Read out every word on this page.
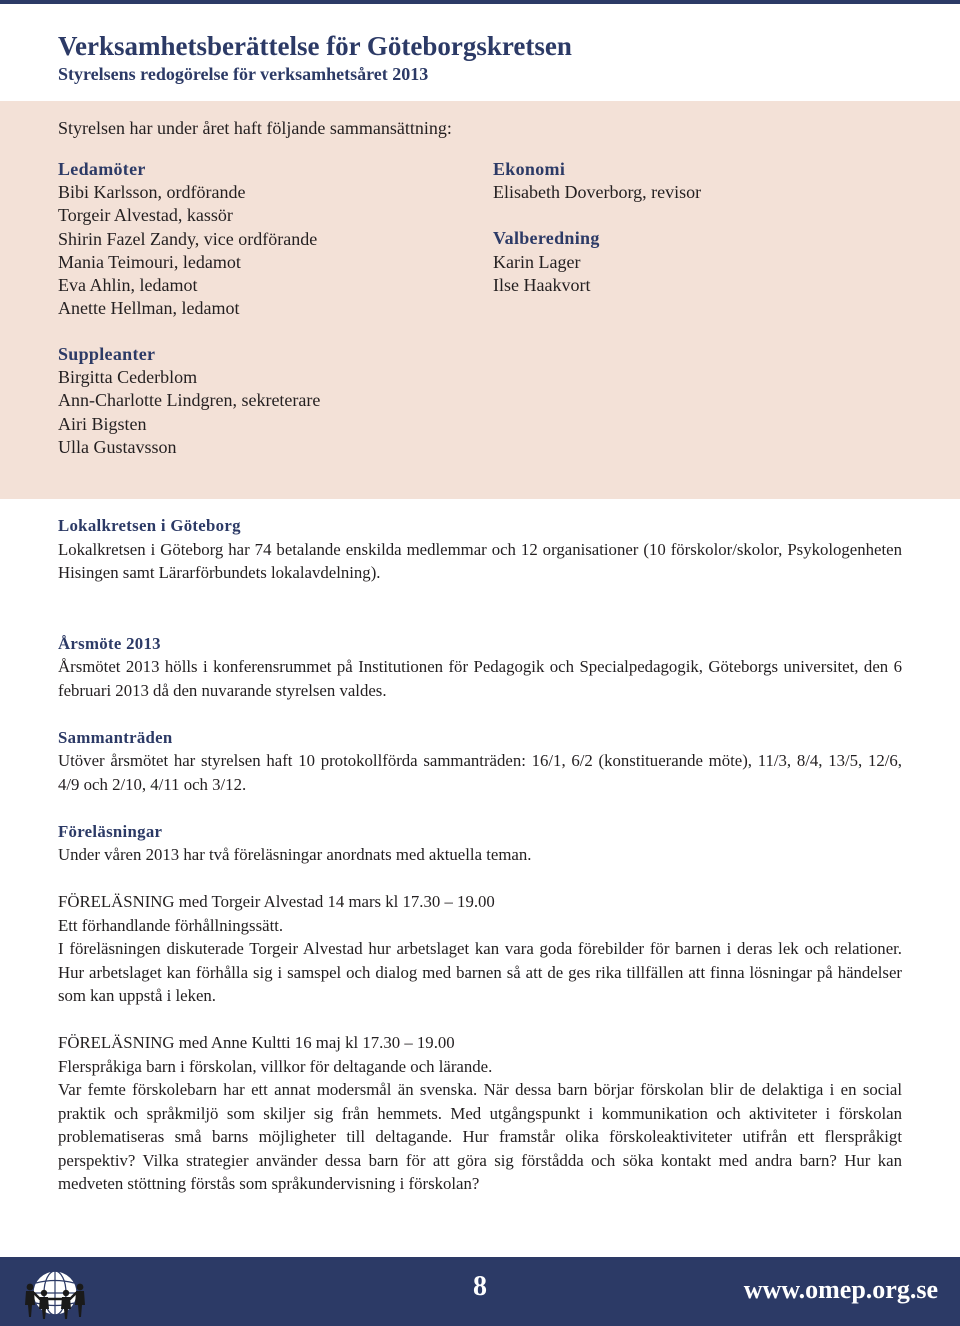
Verksamhetsberättelse för Göteborgskretsen
Styrelsens redogörelse för verksamhetsåret 2013
Styrelsen har under året haft följande sammansättning:
Ledamöter
Bibi Karlsson, ordförande
Torgeir Alvestad, kassör
Shirin Fazel Zandy, vice ordförande
Mania Teimouri, ledamot
Eva Ahlin, ledamot
Anette Hellman, ledamot
Ekonomi
Elisabeth Doverborg, revisor
Valberedning
Karin Lager
Ilse Haakvort
Suppleanter
Birgitta Cederblom
Ann-Charlotte Lindgren, sekreterare
Airi Bigsten
Ulla Gustavsson
Lokalkretsen i Göteborg

Lokalkretsen i Göteborg har 74 betalande enskilda medlemmar och 12 organisationer (10 förskolor/skolor, Psykologenheten Hisingen samt Lärarförbundets lokalavdelning).

Årsmöte 2013

Årsmötet 2013 hölls i konferensrummet på Institutionen för Pedagogik och Specialpedagogik, Göteborgs universitet, den 6 februari 2013 då den nuvarande styrelsen valdes.

Sammanträden

Utöver årsmötet har styrelsen haft 10 protokollförda sammanträden: 16/1, 6/2 (konstituerande möte), 11/3, 8/4, 13/5, 12/6, 4/9 och 2/10, 4/11 och 3/12.

Föreläsningar

Under våren 2013 har två föreläsningar anordnats med aktuella teman.

FÖRELÄSNING med Torgeir Alvestad 14 mars kl 17.30 – 19.00

Ett förhandlande förhållningssätt.

I föreläsningen diskuterade Torgeir Alvestad hur arbetslaget kan vara goda förebilder för barnen i deras lek och relationer. Hur arbetslaget kan förhålla sig i samspel och dialog med barnen så att de ges rika tillfällen att finna lösningar på händelser som kan uppstå i leken.

FÖRELÄSNING med Anne Kultti 16 maj kl 17.30 – 19.00

Flerspråkiga barn i förskolan, villkor för deltagande och lärande.

Var femte förskolebarn har ett annat modersmål än svenska. När dessa barn börjar förskolan blir de delaktiga i en social praktik och språkmiljö som skiljer sig från hemmets. Med utgångspunkt i kommunikation och aktiviteter i förskolan problematiseras små barns möjligheter till deltagande. Hur framstår olika förskoleaktiviteter utifrån ett flerspråkigt perspektiv? Vilka strategier använder dessa barn för att göra sig förstådda och söka kontakt med andra barn? Hur kan medveten stöttning förstås som språkundervisning i förskolan?

8	www.omep.org.se
